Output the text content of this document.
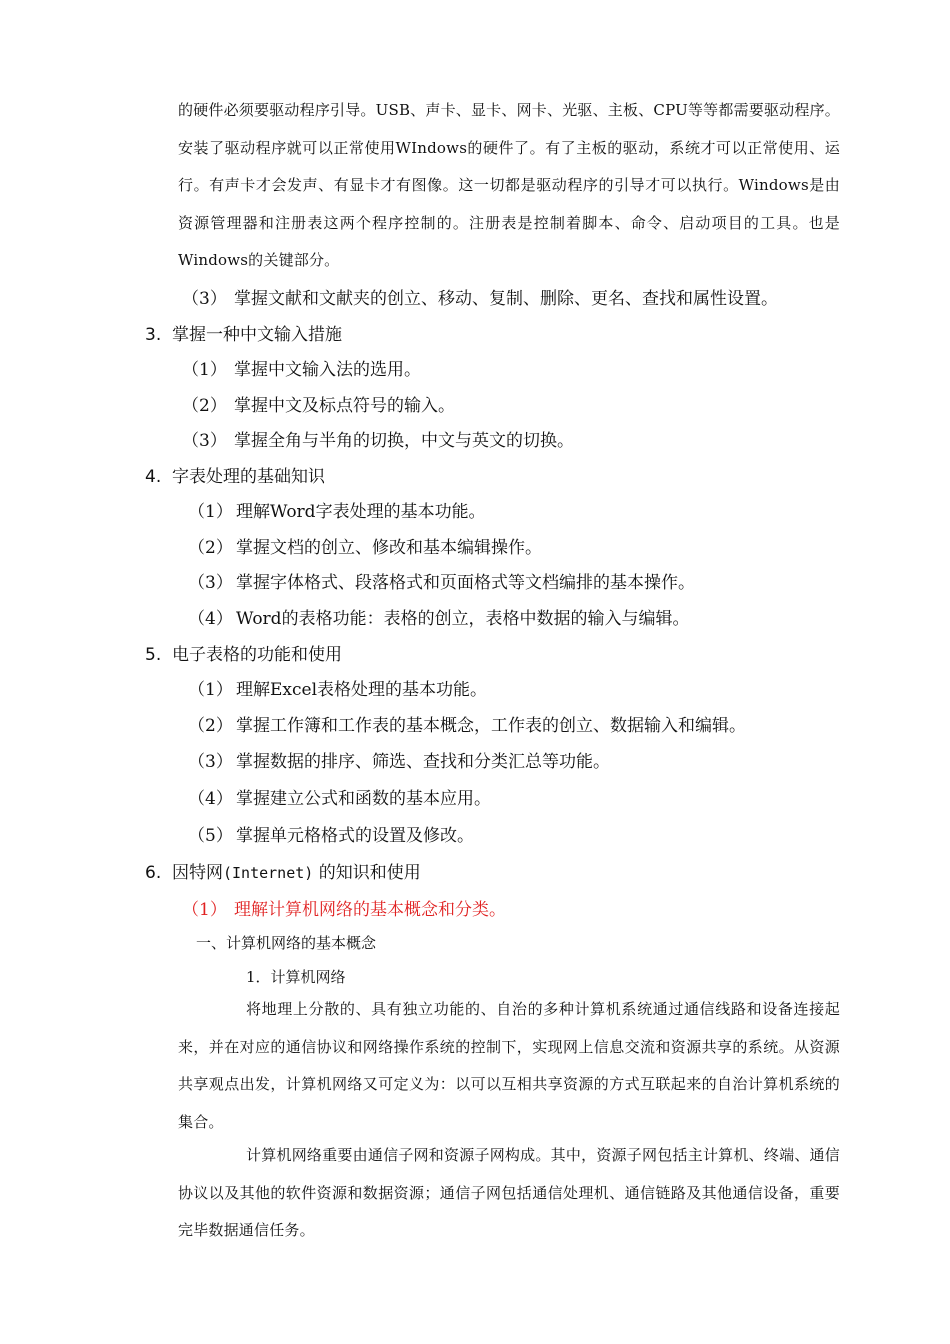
的硬件必须要驱动程序引导。USB、声卡、显卡、网卡、光驱、主板、CPU等等都需要驱动程序。安装了驱动程序就可以正常使用WIndows的硬件了。有了主板的驱动，系统才可以正常使用、运行。有声卡才会发声、有显卡才有图像。这一切都是驱动程序的引导才可以执行。Windows是由资源管理器和注册表这两个程序控制的。注册表是控制着脚本、命令、启动项目的工具。也是Windows的关键部分。
（3） 掌握文献和文献夹的创立、移动、复制、删除、更名、查找和属性设置。
3. 掌握一种中文输入措施
（1） 掌握中文输入法的选用。
（2） 掌握中文及标点符号的输入。
（3） 掌握全角与半角的切换，中文与英文的切换。
4. 字表处理的基础知识
（1） 理解Word字表处理的基本功能。
（2） 掌握文档的创立、修改和基本编辑操作。
（3） 掌握字体格式、段落格式和页面格式等文档编排的基本操作。
（4） Word的表格功能：表格的创立，表格中数据的输入与编辑。
5. 电子表格的功能和使用
（1） 理解Excel表格处理的基本功能。
（2） 掌握工作簿和工作表的基本概念，工作表的创立、数据输入和编辑。
（3） 掌握数据的排序、筛选、查找和分类汇总等功能。
（4） 掌握建立公式和函数的基本应用。
（5） 掌握单元格格式的设置及修改。
6. 因特网(Internet) 的知识和使用
（1） 理解计算机网络的基本概念和分类。
一、计算机网络的基本概念
1．计算机网络
将地理上分散的、具有独立功能的、自治的多种计算机系统通过通信线路和设备连接起来，并在对应的通信协议和网络操作系统的控制下，实现网上信息交流和资源共享的系统。从资源共享观点出发，计算机网络又可定义为：以可以互相共享资源的方式互联起来的自治计算机系统的集合。
计算机网络重要由通信子网和资源子网构成。其中，资源子网包括主计算机、终端、通信协议以及其他的软件资源和数据资源；通信子网包括通信处理机、通信链路及其他通信设备，重要完毕数据通信任务。
